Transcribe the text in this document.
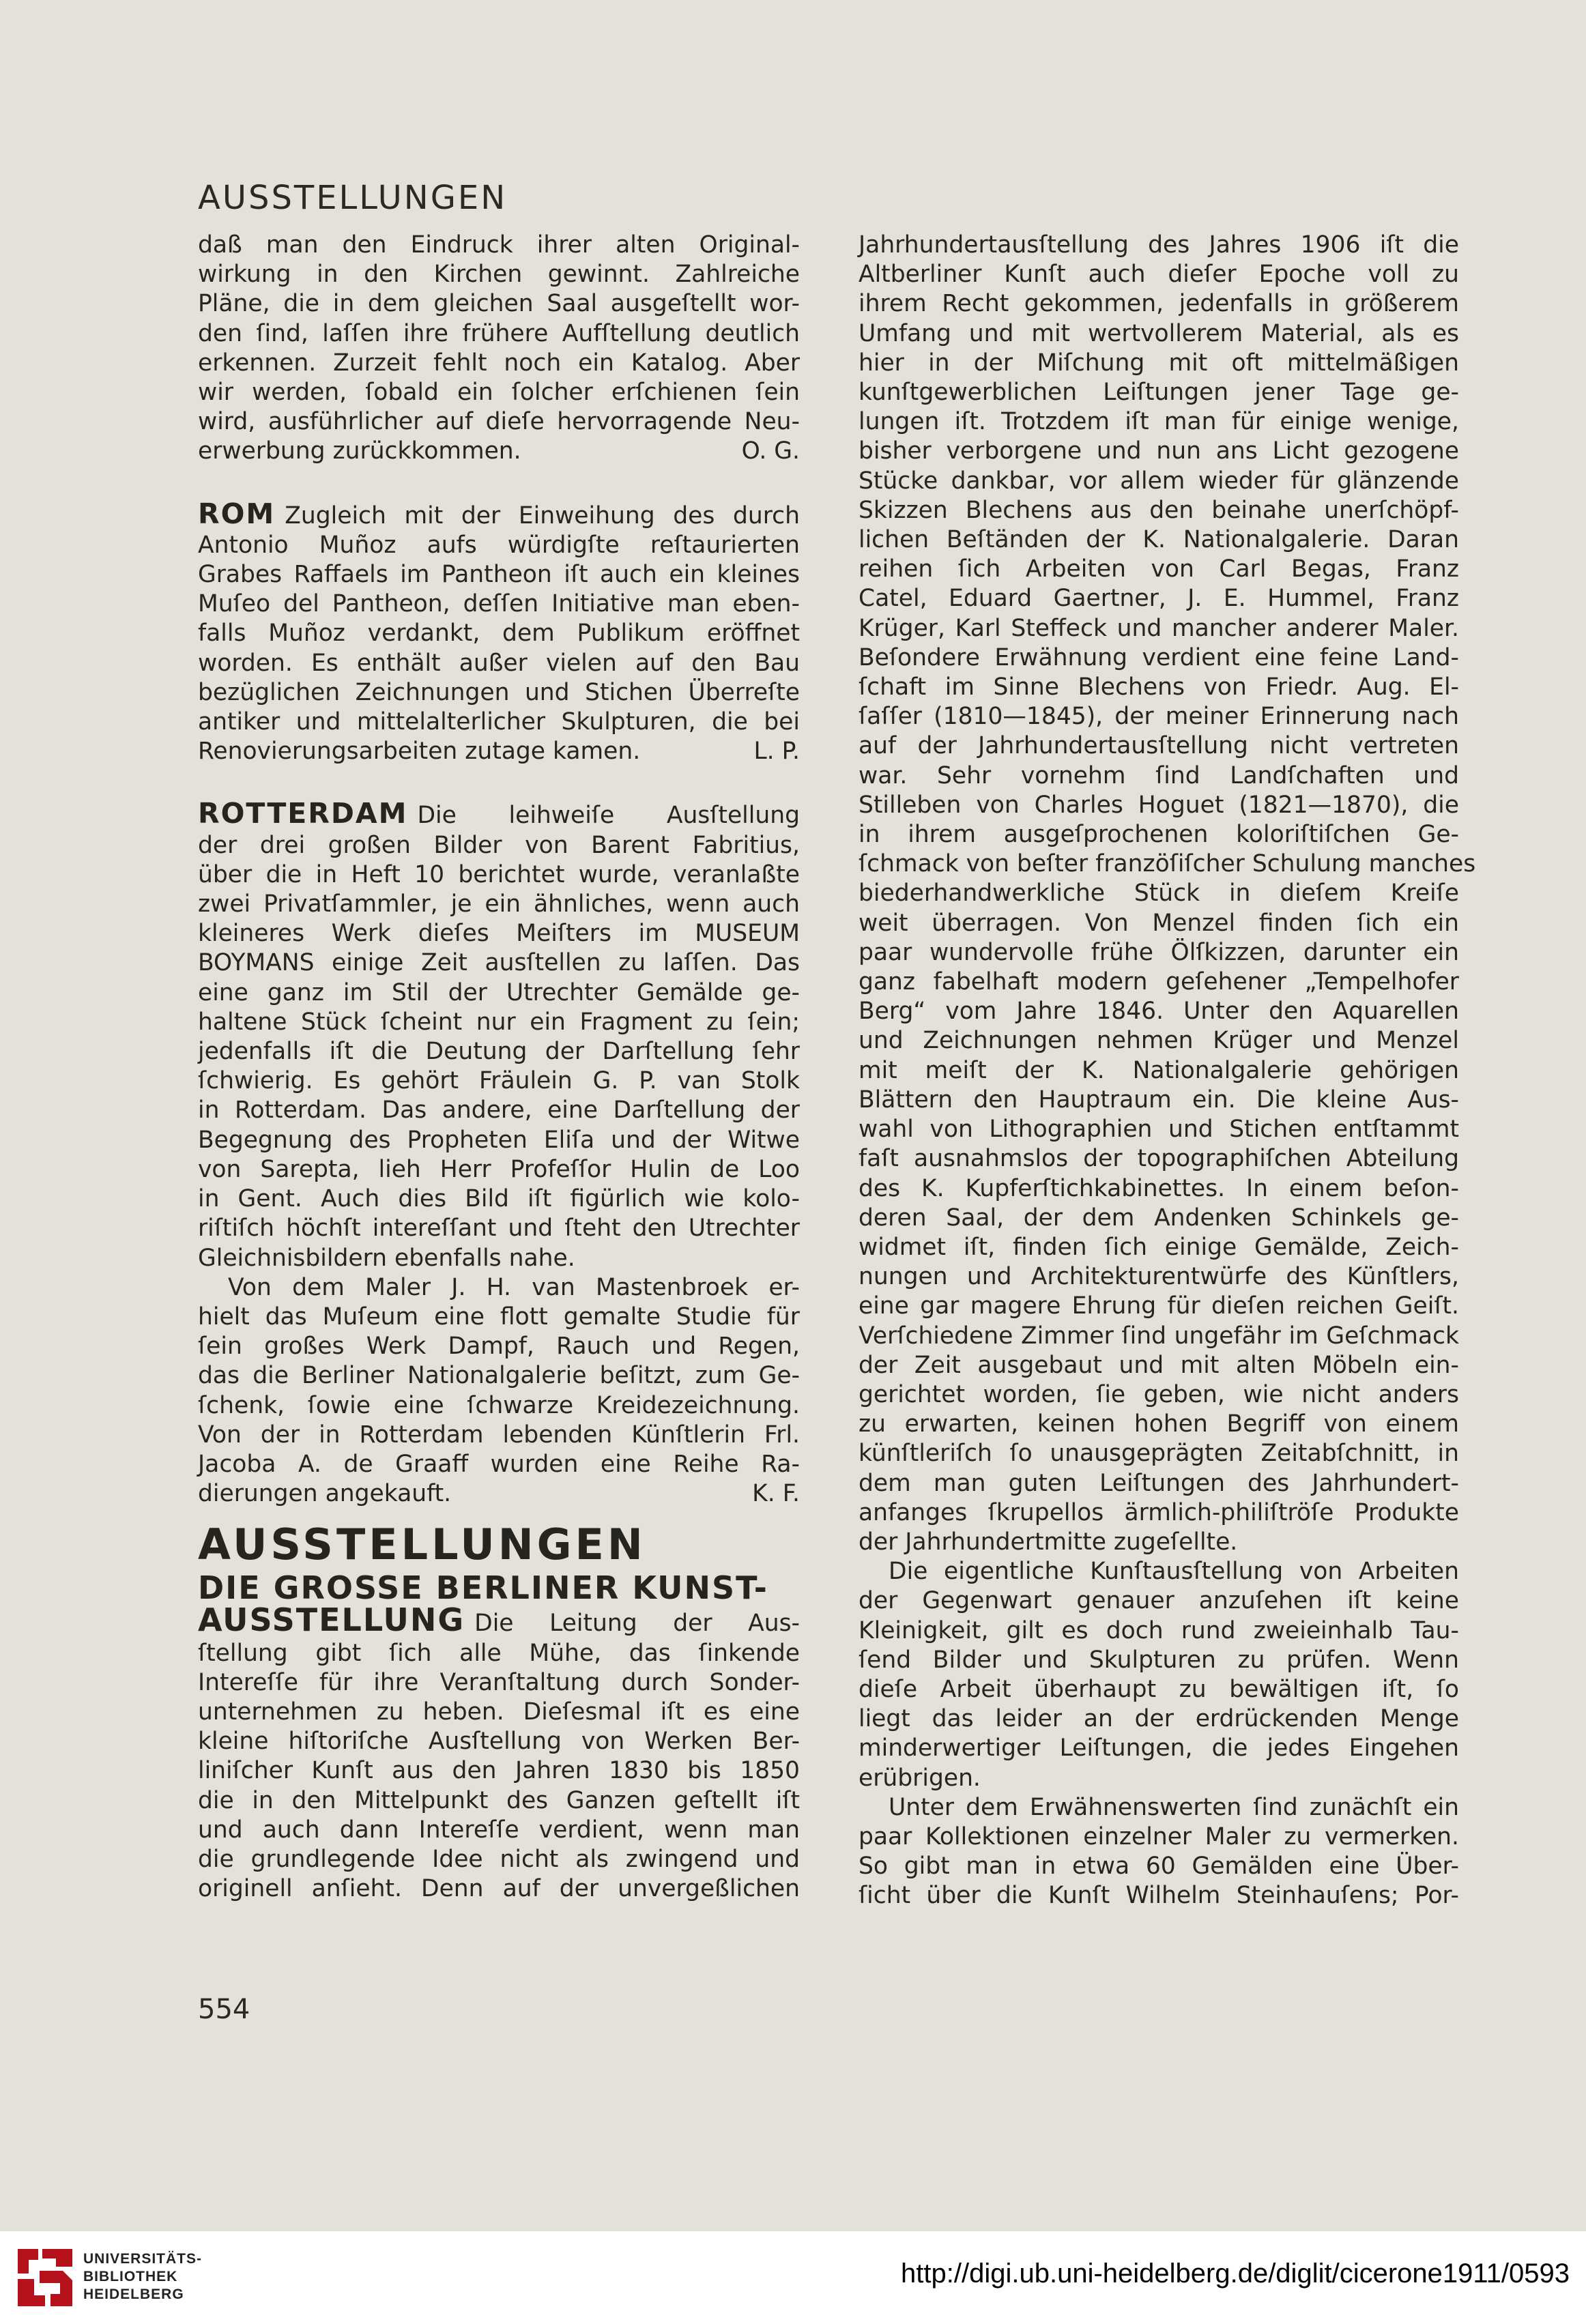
AUSSTELLUNGEN
daß man den Eindruck ihrer alten Original-
wirkung in den Kirchen gewinnt. Zahlreiche
Pläne, die in dem gleichen Saal ausgeſtellt wor-
den ſind, laſſen ihre frühere Aufſtellung deutlich
erkennen. Zurzeit fehlt noch ein Katalog. Aber
wir werden, ſobald ein ſolcher erſchienen ſein
wird, ausführlicher auf dieſe hervorragende Neu-
erwerbung zurückkommen.	O. G.
ROM Zugleich mit der Einweihung des durch
Antonio Muñoz aufs würdigſte reſtaurierten
Grabes Raffaels im Pantheon iſt auch ein kleines
Muſeo del Pantheon, deſſen Initiative man eben-
falls Muñoz verdankt, dem Publikum eröffnet
worden. Es enthält außer vielen auf den Bau
bezüglichen Zeichnungen und Stichen Überreſte
antiker und mittelalterlicher Skulpturen, die bei
Renovierungsarbeiten zutage kamen.	L. P.
ROTTERDAM Die leihweiſe Ausſtellung
der drei großen Bilder von Barent Fabritius,
über die in Heft 10 berichtet wurde, veranlaßte
zwei Privatſammler, je ein ähnliches, wenn auch
kleineres Werk dieſes Meiſters im MUSEUM
BOYMANS einige Zeit ausſtellen zu laſſen. Das
eine ganz im Stil der Utrechter Gemälde ge-
haltene Stück ſcheint nur ein Fragment zu ſein;
jedenfalls iſt die Deutung der Darſtellung ſehr
ſchwierig. Es gehört Fräulein G. P. van Stolk
in Rotterdam. Das andere, eine Darſtellung der
Begegnung des Propheten Eliſa und der Witwe
von Sarepta, lieh Herr Profeſſor Hulin de Loo
in Gent. Auch dies Bild iſt figürlich wie kolo-
riſtiſch höchſt intereſſant und ſteht den Utrechter
Gleichnisbildern ebenfalls nahe.
Von dem Maler J. H. van Mastenbroek er-
hielt das Muſeum eine flott gemalte Studie für
ſein großes Werk Dampf, Rauch und Regen,
das die Berliner Nationalgalerie beſitzt, zum Ge-
ſchenk, ſowie eine ſchwarze Kreidezeichnung.
Von der in Rotterdam lebenden Künſtlerin Frl.
Jacoba A. de Graaff wurden eine Reihe Ra-
dierungen angekauft.	K. F.
AUSSTELLUNGEN
DIE GROSSE BERLINER KUNST-
AUSSTELLUNG Die Leitung der Aus-
ſtellung gibt ſich alle Mühe, das ſinkende
Intereſſe für ihre Veranſtaltung durch Sonder-
unternehmen zu heben. Dieſesmal iſt es eine
kleine hiſtoriſche Ausſtellung von Werken Ber-
liniſcher Kunſt aus den Jahren 1830 bis 1850
die in den Mittelpunkt des Ganzen geſtellt iſt
und auch dann Intereſſe verdient, wenn man
die grundlegende Idee nicht als zwingend und
originell anſieht. Denn auf der unvergeßlichen
Jahrhundertausſtellung des Jahres 1906 iſt die
Altberliner Kunſt auch dieſer Epoche voll zu
ihrem Recht gekommen, jedenfalls in größerem
Umfang und mit wertvollerem Material, als es
hier in der Miſchung mit oft mittelmäßigen
kunſtgewerblichen Leiſtungen jener Tage ge-
lungen iſt. Trotzdem iſt man für einige wenige,
bisher verborgene und nun ans Licht gezogene
Stücke dankbar, vor allem wieder für glänzende
Skizzen Blechens aus den beinahe unerſchöpf-
lichen Beſtänden der K. Nationalgalerie. Daran
reihen ſich Arbeiten von Carl Begas, Franz
Catel, Eduard Gaertner, J. E. Hummel, Franz
Krüger, Karl Steffeck und mancher anderer Maler.
Beſondere Erwähnung verdient eine feine Land-
ſchaft im Sinne Blechens von Friedr. Aug. El-
ſaſſer (1810—1845), der meiner Erinnerung nach
auf der Jahrhundertausſtellung nicht vertreten
war. Sehr vornehm ſind Landſchaften und
Stilleben von Charles Hoguet (1821—1870), die
in ihrem ausgeſprochenen koloriſtiſchen Ge-
ſchmack von beſter franzöſiſcher Schulung manches
biederhandwerkliche Stück in dieſem Kreiſe
weit überragen. Von Menzel finden ſich ein
paar wundervolle frühe Ölſkizzen, darunter ein
ganz fabelhaft modern geſehener „Tempelhofer
Berg“ vom Jahre 1846. Unter den Aquarellen
und Zeichnungen nehmen Krüger und Menzel
mit meiſt der K. Nationalgalerie gehörigen
Blättern den Hauptraum ein. Die kleine Aus-
wahl von Lithographien und Stichen entſtammt
faſt ausnahmslos der topographiſchen Abteilung
des K. Kupferſtichkabinettes. In einem beſon-
deren Saal, der dem Andenken Schinkels ge-
widmet iſt, finden ſich einige Gemälde, Zeich-
nungen und Architekturentwürfe des Künſtlers,
eine gar magere Ehrung für dieſen reichen Geiſt.
Verſchiedene Zimmer ſind ungefähr im Geſchmack
der Zeit ausgebaut und mit alten Möbeln ein-
gerichtet worden, ſie geben, wie nicht anders
zu erwarten, keinen hohen Begriff von einem
künſtleriſch ſo unausgeprägten Zeitabſchnitt, in
dem man guten Leiſtungen des Jahrhundert-
anfanges ſkrupellos ärmlich-philiſtröſe Produkte
der Jahrhundertmitte zugeſellte.
Die eigentliche Kunſtausſtellung von Arbeiten
der Gegenwart genauer anzuſehen iſt keine
Kleinigkeit, gilt es doch rund zweieinhalb Tau-
ſend Bilder und Skulpturen zu prüfen. Wenn
dieſe Arbeit überhaupt zu bewältigen iſt, ſo
liegt das leider an der erdrückenden Menge
minderwertiger Leiſtungen, die jedes Eingehen
erübrigen.
Unter dem Erwähnenswerten ſind zunächſt ein
paar Kollektionen einzelner Maler zu vermerken.
So gibt man in etwa 60 Gemälden eine Über-
ſicht über die Kunſt Wilhelm Steinhauſens; Por-
554
UNIVERSITÄTS-
BIBLIOTHEK
HEIDELBERG
http://digi.ub.uni-heidelberg.de/diglit/cicerone1911/0593
